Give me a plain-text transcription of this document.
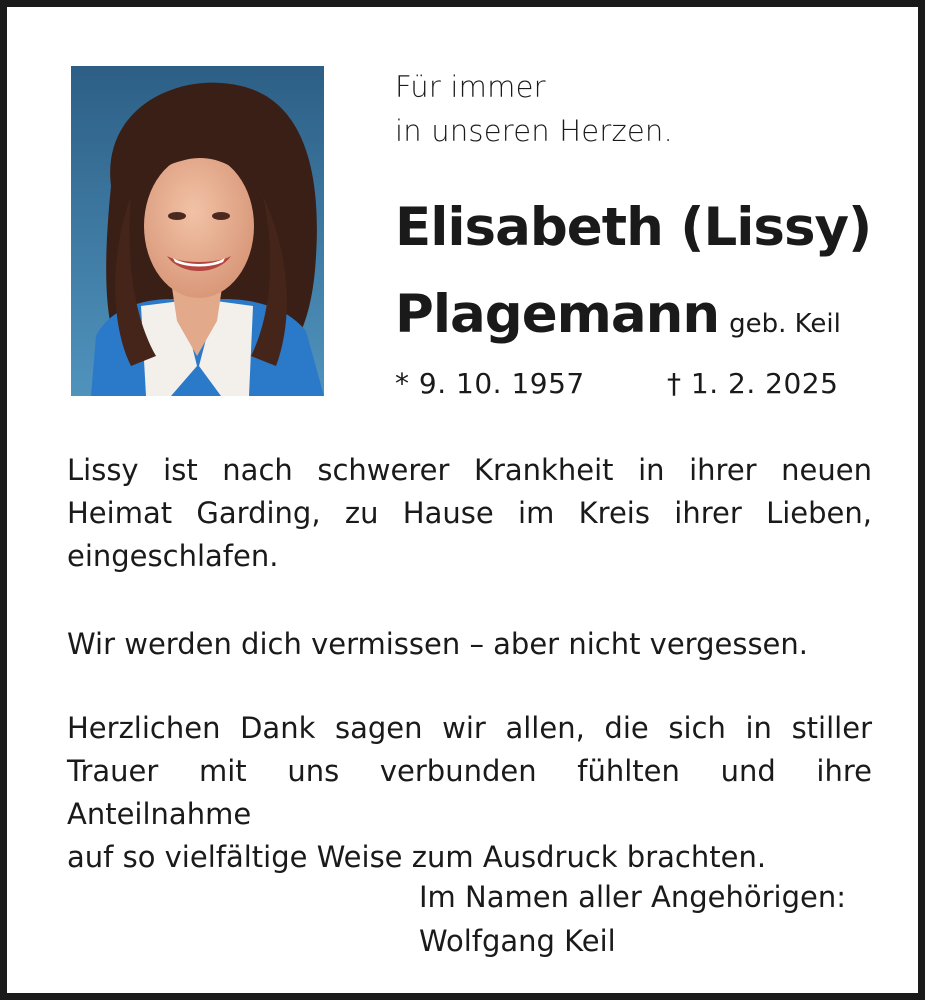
Für immer
in unseren Herzen.
Elisabeth (Lissy)
Plagemann geb. Keil
* 9. 10. 1957	† 1. 2. 2025
Lissy ist nach schwerer Krankheit in ihrer neuen
Heimat Garding, zu Hause im Kreis ihrer Lieben,
eingeschlafen.
Wir werden dich vermissen – aber nicht vergessen.
Herzlichen Dank sagen wir allen, die sich in stiller
Trauer mit uns verbunden fühlten und ihre Anteilnahme
auf so vielfältige Weise zum Ausdruck brachten.
Im Namen aller Angehörigen:
Wolfgang Keil
